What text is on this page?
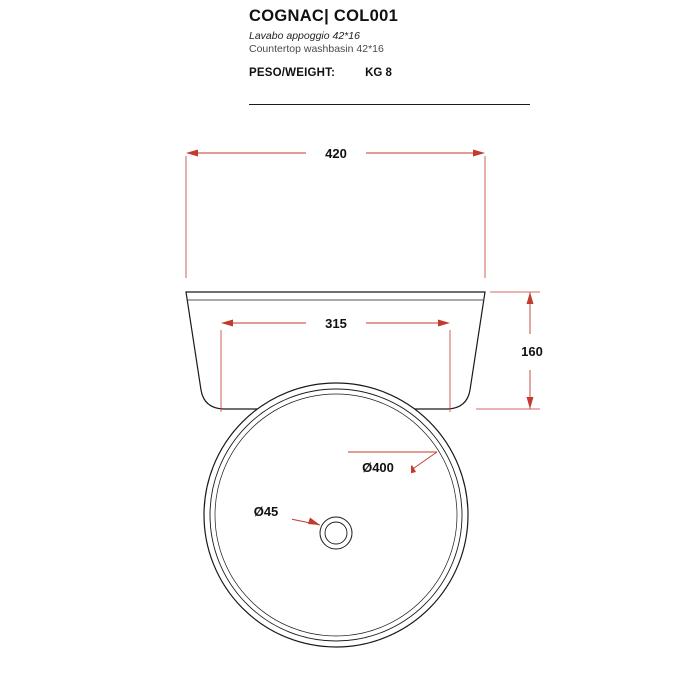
COGNAC| COL001
Lavabo appoggio 42*16
Countertop washbasin 42*16
PESO/WEIGHT:	KG 8
420
160
315
Ø400
Ø45
